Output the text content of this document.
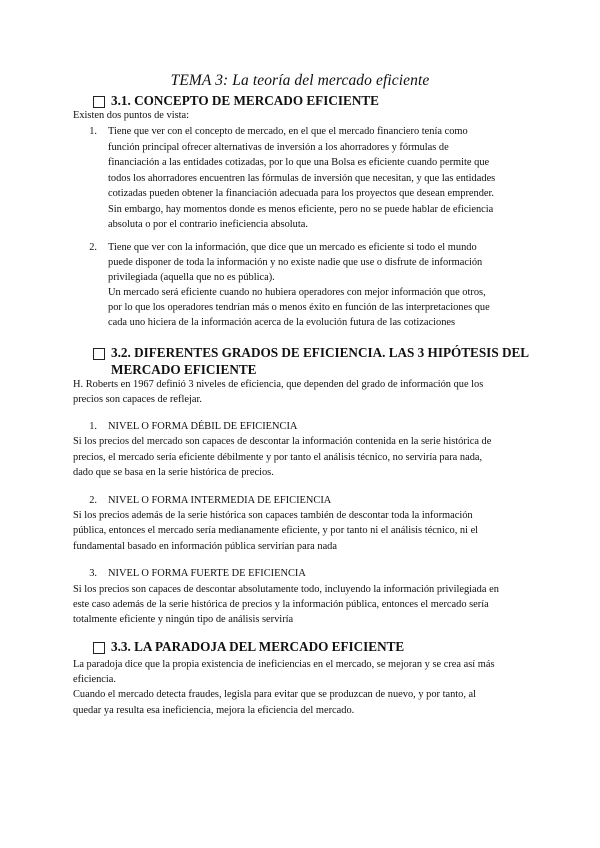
TEMA 3: La teoría del mercado eficiente
3.1. CONCEPTO DE MERCADO EFICIENTE
Existen dos puntos de vista:
1. Tiene que ver con el concepto de mercado, en el que el mercado financiero tenía como
función principal ofrecer alternativas de inversión a los ahorradores y fórmulas de
financiación a las entidades cotizadas, por lo que una Bolsa es eficiente cuando permite que
todos los ahorradores encuentren las fórmulas de inversión que necesitan, y que las entidades
cotizadas pueden obtener la financiación adecuada para los proyectos que desean emprender.
Sin embargo, hay momentos donde es menos eficiente, pero no se puede hablar de eficiencia
absoluta o por el contrario ineficiencia absoluta.
2. Tiene que ver con la información, que dice que un mercado es eficiente si todo el mundo
puede disponer de toda la información y no existe nadie que use o disfrute de información
privilegiada (aquella que no es pública).
Un mercado será eficiente cuando no hubiera operadores con mejor información que otros,
por lo que los operadores tendrían más o menos éxito en función de las interpretaciones que
cada uno hiciera de la información acerca de la evolución futura de las cotizaciones
3.2. DIFERENTES GRADOS DE EFICIENCIA. LAS 3 HIPÓTESIS DEL
MERCADO EFICIENTE
H. Roberts en 1967 definió 3 niveles de eficiencia, que dependen del grado de información que los
precios son capaces de reflejar.
1. NIVEL O FORMA DÉBIL DE EFICIENCIA
Si los precios del mercado son capaces de descontar la información contenida en la serie histórica de
precios, el mercado sería eficiente débilmente y por tanto el análisis técnico, no serviría para nada,
dado que se basa en la serie histórica de precios.
2. NIVEL O FORMA INTERMEDIA DE EFICIENCIA
Si los precios además de la serie histórica son capaces también de descontar toda la información
pública, entonces el mercado sería medianamente eficiente, y por tanto ni el análisis técnico, ni el
fundamental basado en información pública servirían para nada
3. NIVEL O FORMA FUERTE DE EFICIENCIA
Si los precios son capaces de descontar absolutamente todo, incluyendo la información privilegiada en
este caso además de la serie histórica de precios y la información pública, entonces el mercado sería
totalmente eficiente y ningún tipo de análisis serviría
3.3. LA PARADOJA DEL MERCADO EFICIENTE
La paradoja dice que la propia existencia de ineficiencias en el mercado, se mejoran y se crea así más
eficiencia.
Cuando el mercado detecta fraudes, legisla para evitar que se produzcan de nuevo, y por tanto, al
quedar ya resulta esa ineficiencia, mejora la eficiencia del mercado.
